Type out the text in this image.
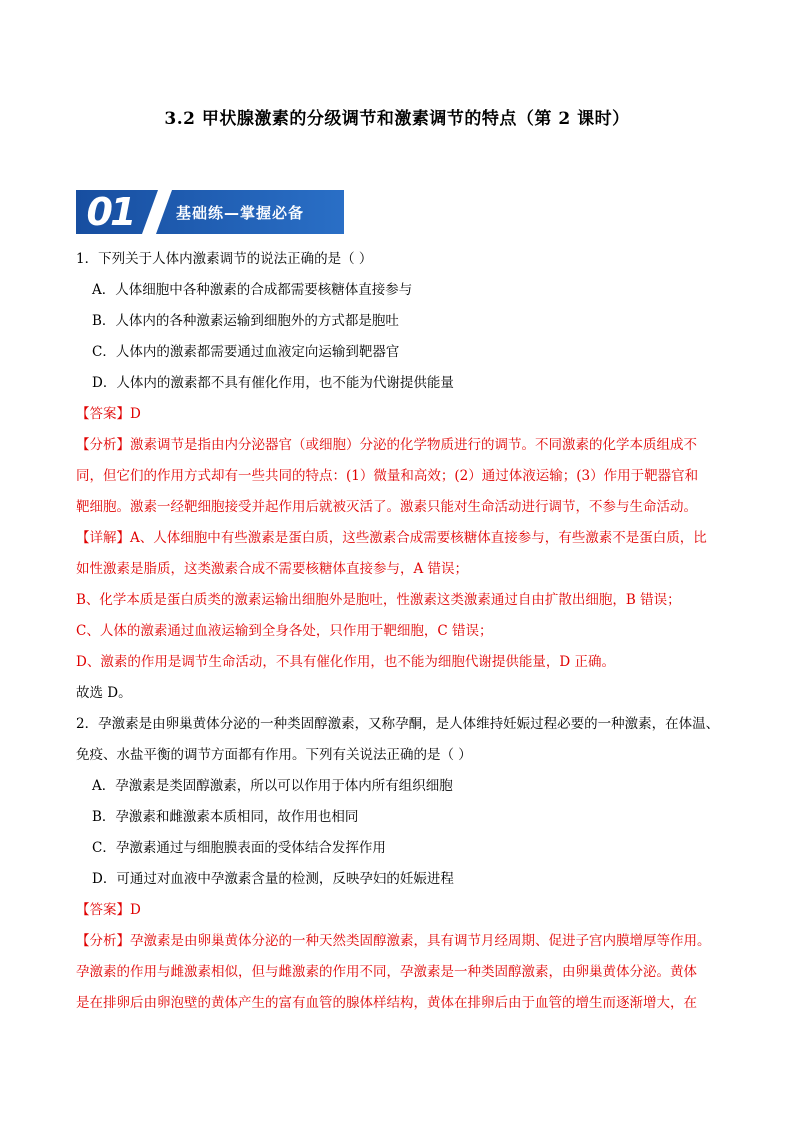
3.2 甲状腺激素的分级调节和激素调节的特点（第 2 课时）
01	基础练—掌握必备
1．下列关于人体内激素调节的说法正确的是（ ）
A．人体细胞中各种激素的合成都需要核糖体直接参与
B．人体内的各种激素运输到细胞外的方式都是胞吐
C．人体内的激素都需要通过血液定向运输到靶器官
D．人体内的激素都不具有催化作用，也不能为代谢提供能量
【答案】D
【分析】激素调节是指由内分泌器官（或细胞）分泌的化学物质进行的调节。不同激素的化学本质组成不
同，但它们的作用方式却有一些共同的特点：(1）微量和高效；(2）通过体液运输；(3）作用于靶器官和
靶细胞。激素一经靶细胞接受并起作用后就被灭活了。激素只能对生命活动进行调节，不参与生命活动。
【详解】A、人体细胞中有些激素是蛋白质，这些激素合成需要核糖体直接参与，有些激素不是蛋白质，比
如性激素是脂质，这类激素合成不需要核糖体直接参与，A 错误；
B、化学本质是蛋白质类的激素运输出细胞外是胞吐，性激素这类激素通过自由扩散出细胞，B 错误；
C、人体的激素通过血液运输到全身各处，只作用于靶细胞，C 错误；
D、激素的作用是调节生命活动，不具有催化作用，也不能为细胞代谢提供能量，D 正确。
故选 D。
2．孕激素是由卵巢黄体分泌的一种类固醇激素，又称孕酮，是人体维持妊娠过程必要的一种激素，在体温、
免疫、水盐平衡的调节方面都有作用。下列有关说法正确的是（ ）
A．孕激素是类固醇激素，所以可以作用于体内所有组织细胞
B．孕激素和雌激素本质相同，故作用也相同
C．孕激素通过与细胞膜表面的受体结合发挥作用
D．可通过对血液中孕激素含量的检测，反映孕妇的妊娠进程
【答案】D
【分析】孕激素是由卵巢黄体分泌的一种天然类固醇激素，具有调节月经周期、促进子宫内膜增厚等作用。
孕激素的作用与雌激素相似，但与雌激素的作用不同，孕激素是一种类固醇激素，由卵巢黄体分泌。黄体
是在排卵后由卵泡壁的黄体产生的富有血管的腺体样结构，黄体在排卵后由于血管的增生而逐渐增大，在
